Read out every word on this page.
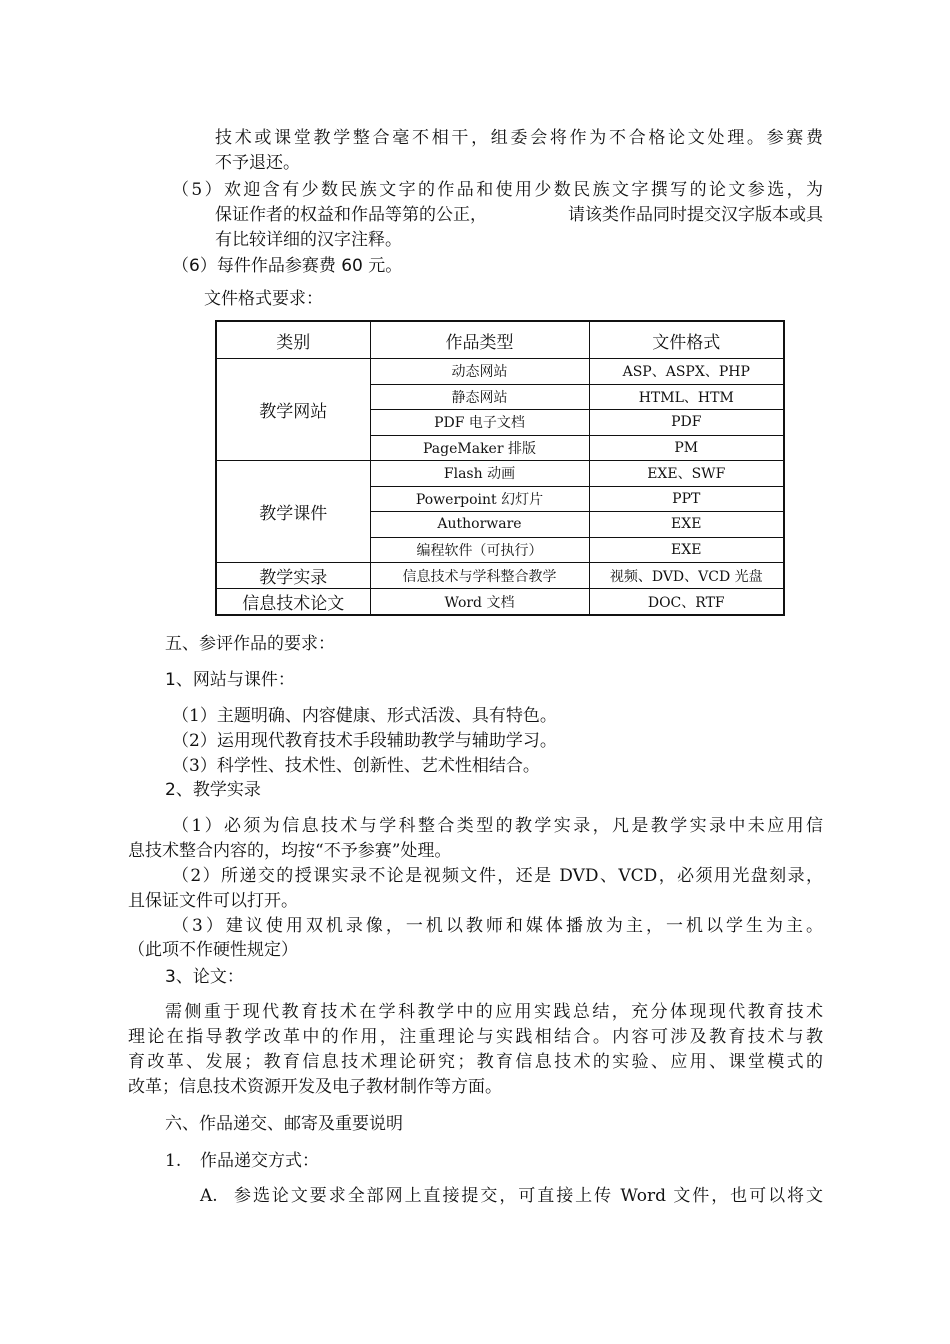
技术或课堂教学整合毫不相干，组委会将作为不合格论文处理。参赛费
不予退还。
（5）欢迎含有少数民族文字的作品和使用少数民族文字撰写的论文参选，为
保证作者的权益和作品等第的公正，	请该类作品同时提交汉字版本或具
有比较详细的汉字注释。
（6）每件作品参赛费 60 元。
文件格式要求：
类别	作品类型	文件格式
教学网站	动态网站	ASP、ASPX、PHP
	静态网站	HTML、HTM
	PDF 电子文档	PDF
	PageMaker 排版	PM
教学课件	Flash 动画	EXE、SWF
	Powerpoint 幻灯片	PPT
	Authorware	EXE
	编程软件（可执行）	EXE
教学实录	信息技术与学科整合教学	视频、DVD、VCD 光盘
信息技术论文	Word 文档	DOC、RTF
五、参评作品的要求：
1、网站与课件：
（1）主题明确、内容健康、形式活泼、具有特色。
（2）运用现代教育技术手段辅助教学与辅助学习。
（3）科学性、技术性、创新性、艺术性相结合。
2、教学实录
（1）必须为信息技术与学科整合类型的教学实录，凡是教学实录中未应用信
息技术整合内容的，均按“不予参赛”处理。
（2）所递交的授课实录不论是视频文件，还是 DVD、VCD，必须用光盘刻录，
且保证文件可以打开。
（3）建议使用双机录像，一机以教师和媒体播放为主，一机以学生为主。
（此项不作硬性规定）
3、论文：
需侧重于现代教育技术在学科教学中的应用实践总结，充分体现现代教育技术
理论在指导教学改革中的作用，注重理论与实践相结合。内容可涉及教育技术与教
育改革、发展；教育信息技术理论研究；教育信息技术的实验、应用、课堂模式的
改革；信息技术资源开发及电子教材制作等方面。
六、作品递交、邮寄及重要说明
1. 作品递交方式：
A. 参选论文要求全部网上直接提交，可直接上传 Word 文件，也可以将文
